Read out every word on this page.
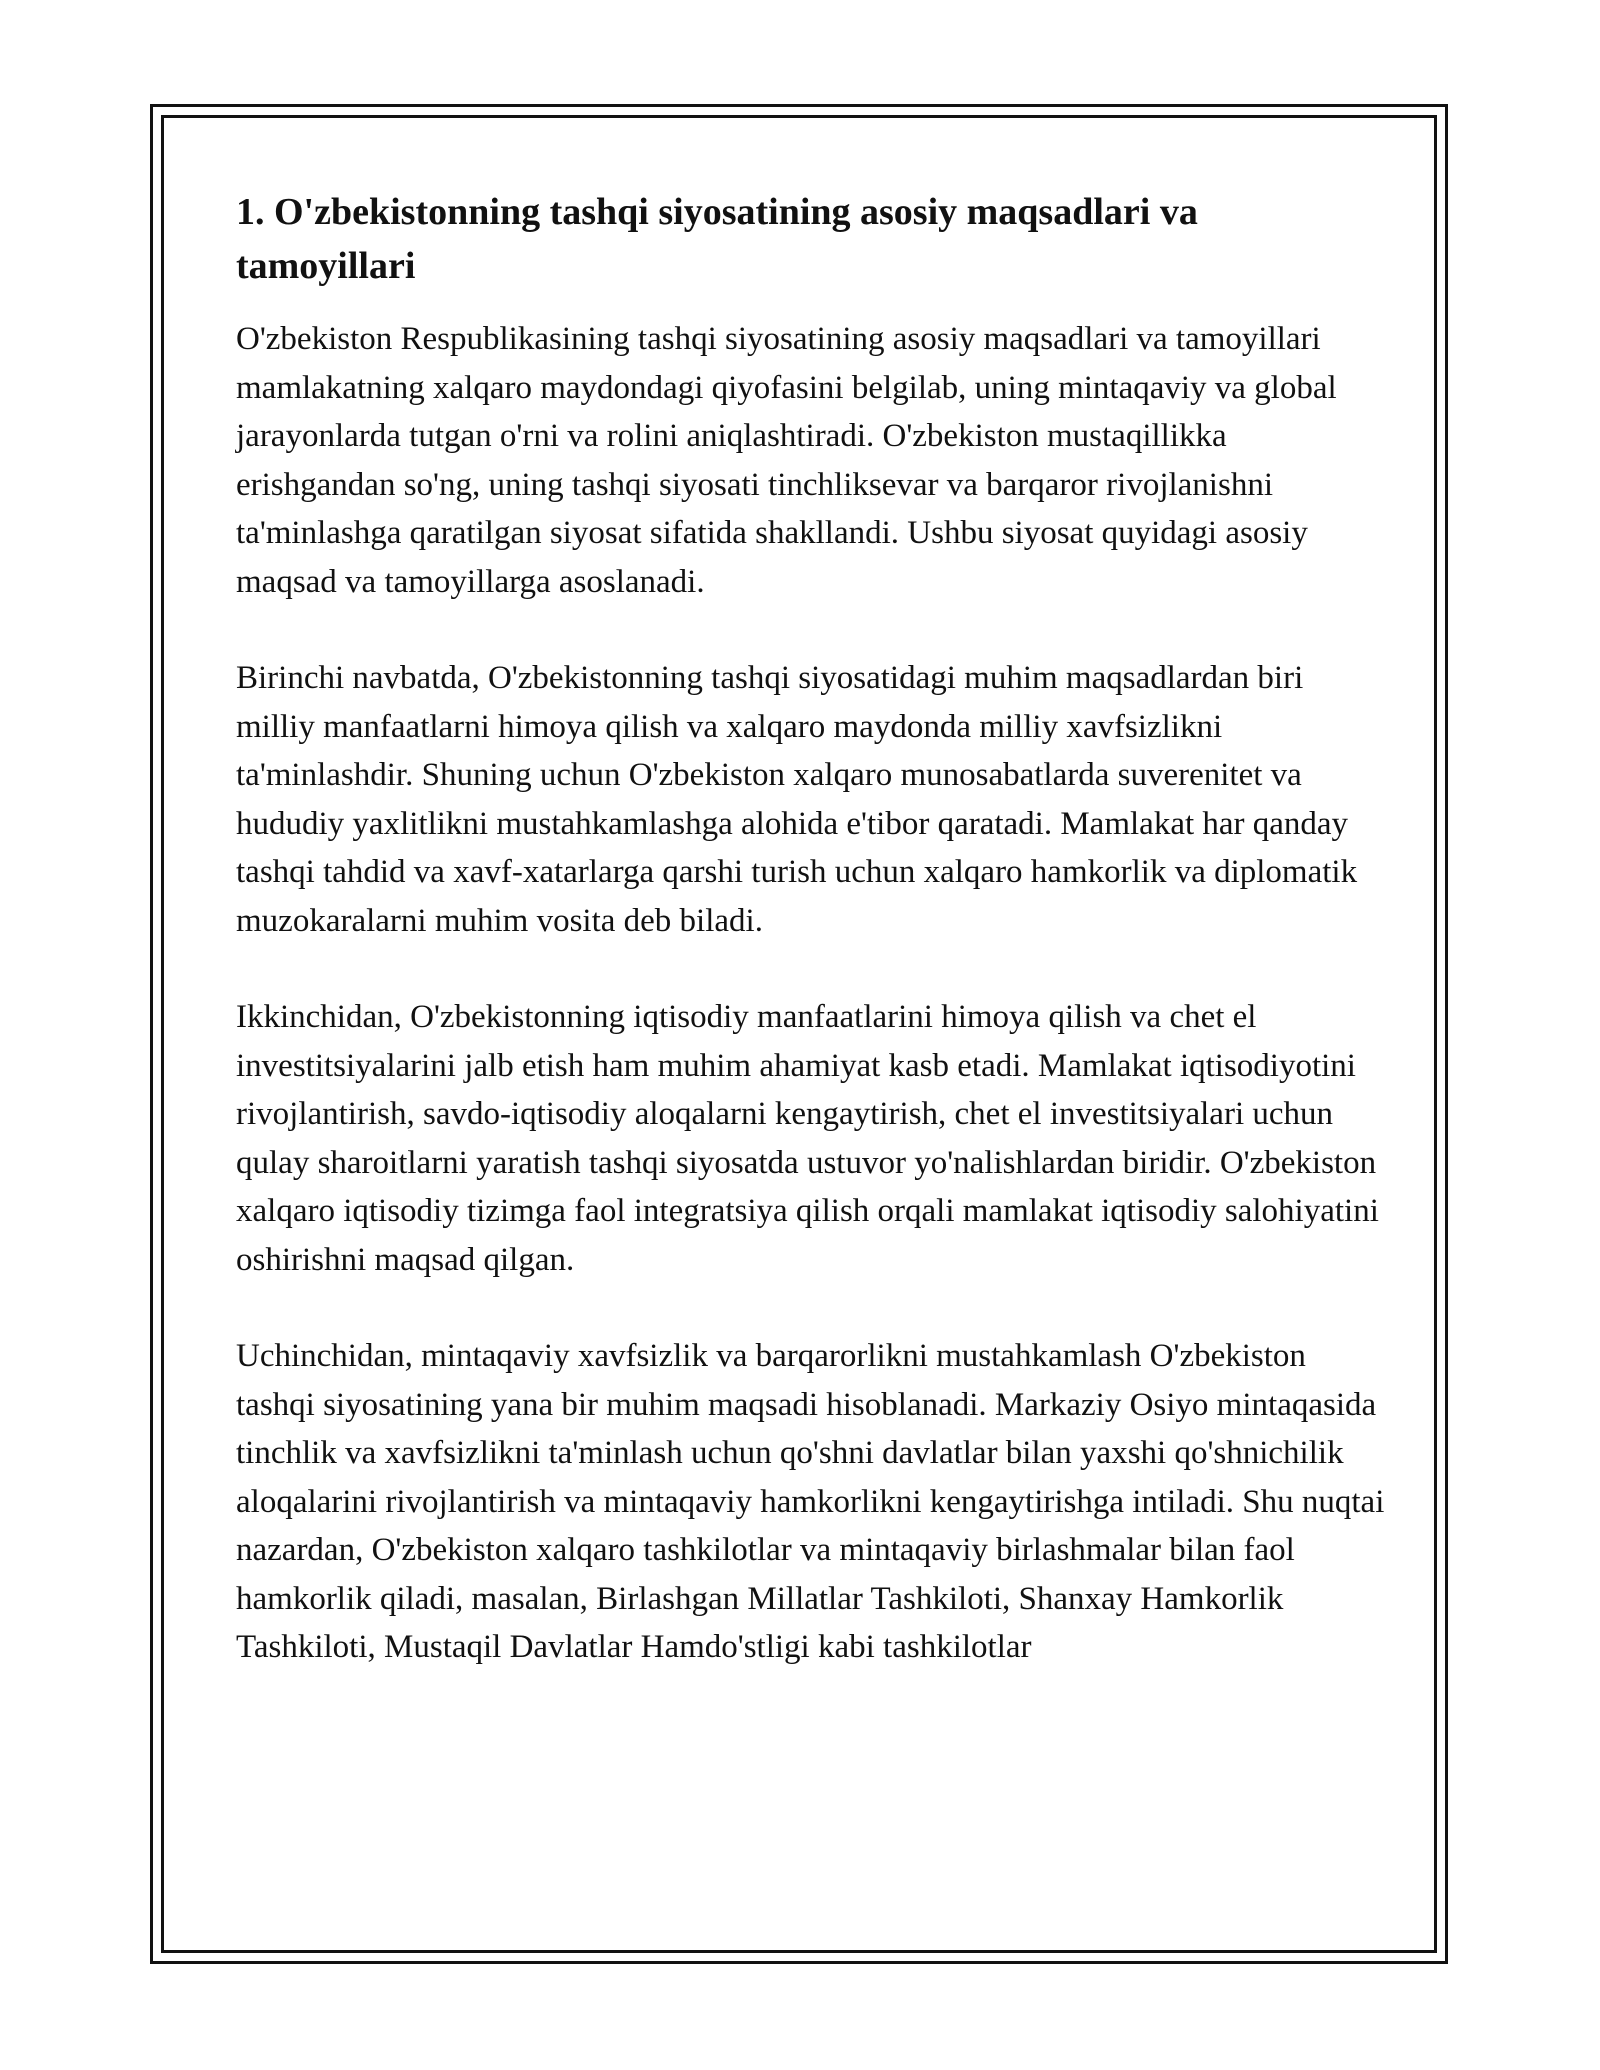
1. O'zbekistonning tashqi siyosatining asosiy maqsadlari va tamoyillari

O'zbekiston Respublikasining tashqi siyosatining asosiy maqsadlari va tamoyillari mamlakatning xalqaro maydondagi qiyofasini belgilab, uning mintaqaviy va global jarayonlarda tutgan o'rni va rolini aniqlashtiradi. O'zbekiston mustaqillikka erishgandan so'ng, uning tashqi siyosati tinchliksevar va barqaror rivojlanishni ta'minlashga qaratilgan siyosat sifatida shakllandi. Ushbu siyosat quyidagi asosiy maqsad va tamoyillarga asoslanadi.

Birinchi navbatda, O'zbekistonning tashqi siyosatidagi muhim maqsadlardan biri milliy manfaatlarni himoya qilish va xalqaro maydonda milliy xavfsizlikni ta'minlashdir. Shuning uchun O'zbekiston xalqaro munosabatlarda suverenitet va hududiy yaxlitlikni mustahkamlashga alohida e'tibor qaratadi. Mamlakat har qanday tashqi tahdid va xavf-xatarlarga qarshi turish uchun xalqaro hamkorlik va diplomatik muzokaralarni muhim vosita deb biladi.

Ikkinchidan, O'zbekistonning iqtisodiy manfaatlarini himoya qilish va chet el investitsiyalarini jalb etish ham muhim ahamiyat kasb etadi. Mamlakat iqtisodiyotini rivojlantirish, savdo-iqtisodiy aloqalarni kengaytirish, chet el investitsiyalari uchun qulay sharoitlarni yaratish tashqi siyosatda ustuvor yo'nalishlardan biridir. O'zbekiston xalqaro iqtisodiy tizimga faol integratsiya qilish orqali mamlakat iqtisodiy salohiyatini oshirishni maqsad qilgan.

Uchinchidan, mintaqaviy xavfsizlik va barqarorlikni mustahkamlash O'zbekiston tashqi siyosatining yana bir muhim maqsadi hisoblanadi. Markaziy Osiyo mintaqasida tinchlik va xavfsizlikni ta'minlash uchun qo'shni davlatlar bilan yaxshi qo'shnichilik aloqalarini rivojlantirish va mintaqaviy hamkorlikni kengaytirishga intiladi. Shu nuqtai nazardan, O'zbekiston xalqaro tashkilotlar va mintaqaviy birlashmalar bilan faol hamkorlik qiladi, masalan, Birlashgan Millatlar Tashkiloti, Shanxay Hamkorlik Tashkiloti, Mustaqil Davlatlar Hamdo'stligi kabi tashkilotlar
